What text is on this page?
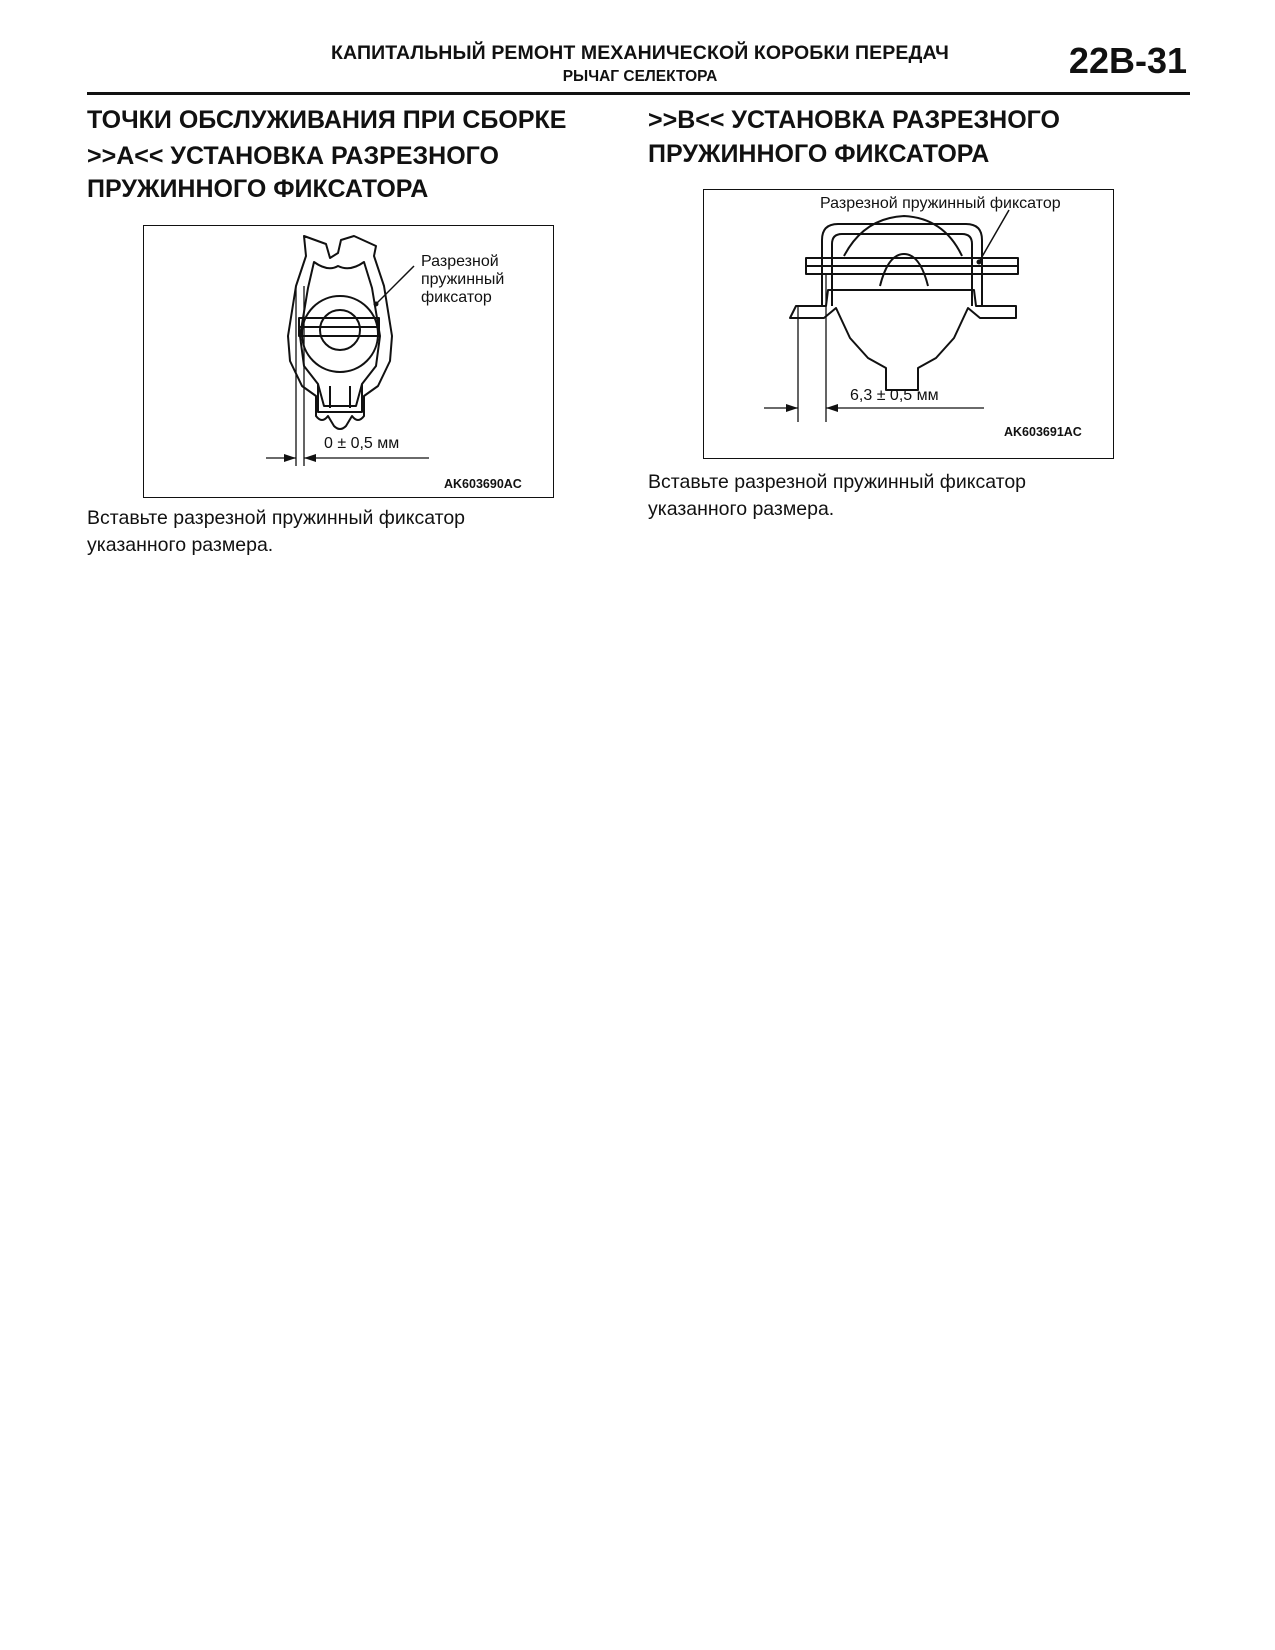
КАПИТАЛЬНЫЙ РЕМОНТ МЕХАНИЧЕСКОЙ КОРОБКИ ПЕРЕДАЧ
РЫЧАГ СЕЛЕКТОРА	22B-31
ТОЧКИ ОБСЛУЖИВАНИЯ ПРИ СБОРКЕ
>>A<< УСТАНОВКА РАЗРЕЗНОГО
ПРУЖИННОГО ФИКСАТОРА
Разрезной
пружинный
фиксатор
0 ± 0,5 мм
AK603690AC

Вставьте разрезной пружинный фиксатор

указанного размера.

>>B<< УСТАНОВКА РАЗРЕЗНОГО
ПРУЖИННОГО ФИКСАТОРА
Разрезной пружинный фиксатор
6,3 ± 0,5 мм
AK603691AC

Вставьте разрезной пружинный фиксатор

указанного размера.
